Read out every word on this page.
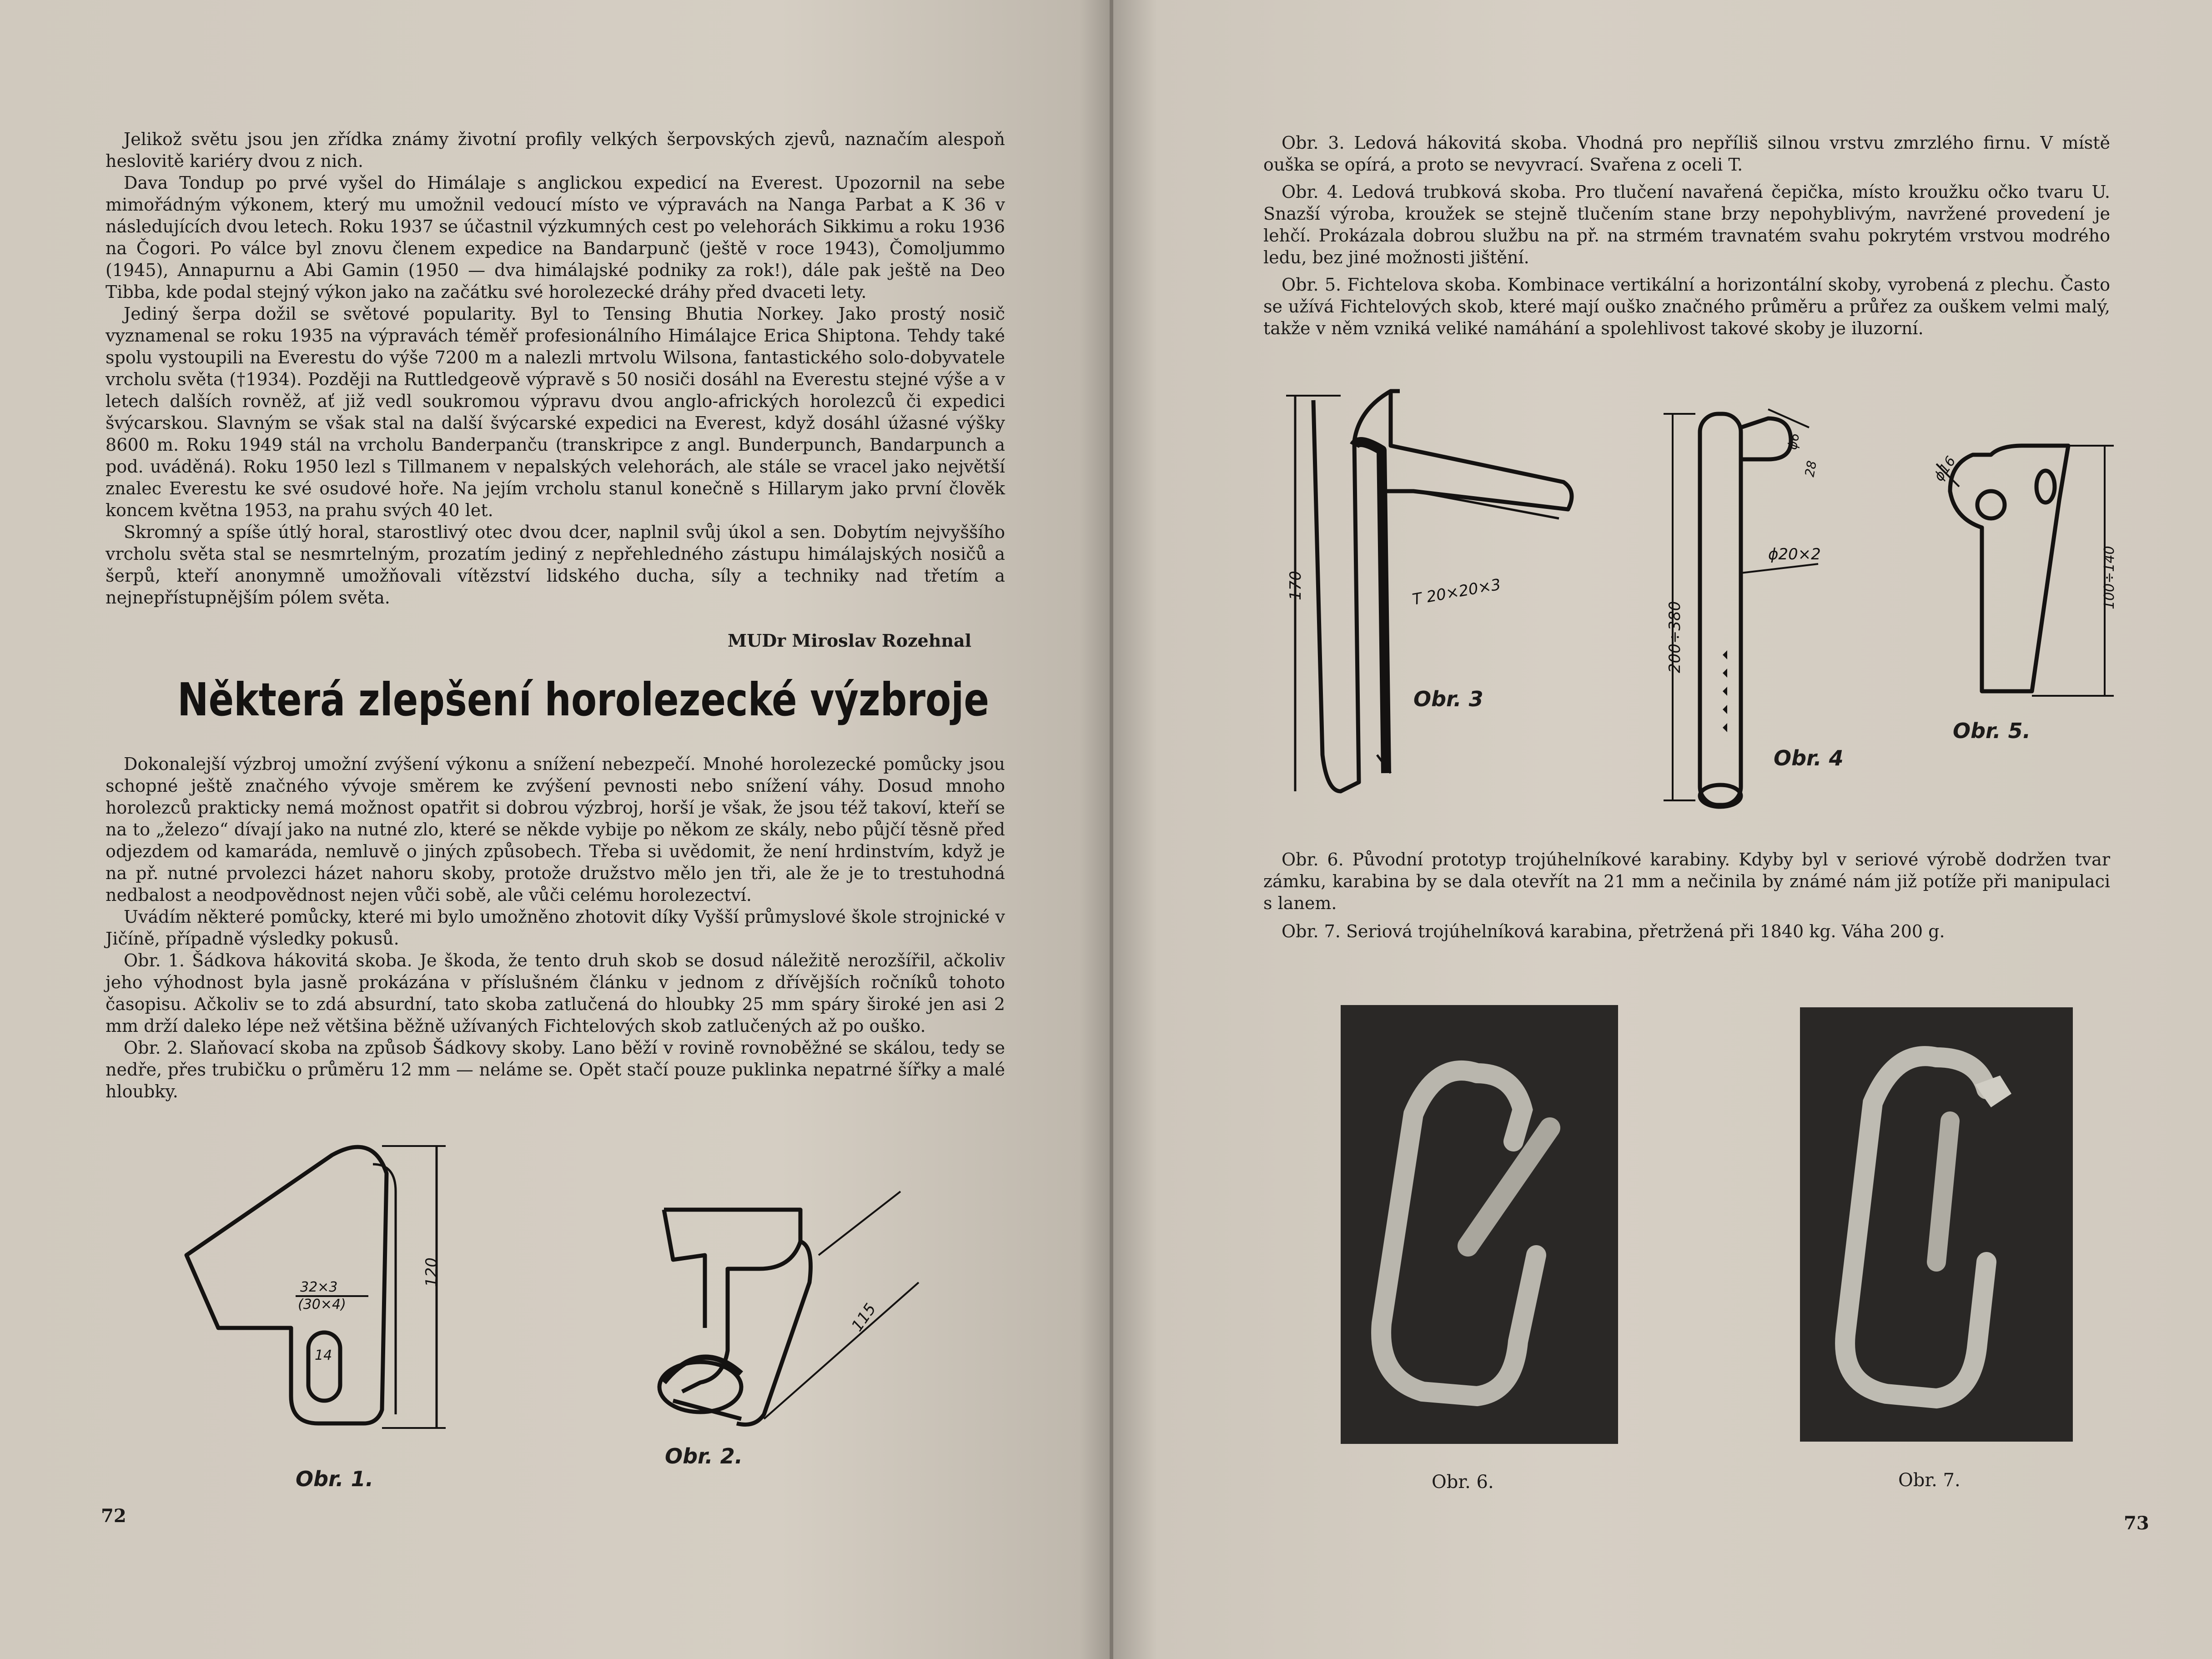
Jelikož světu jsou jen zřídka známy životní profily velkých šerpovských zjevů, naznačím alespoň heslovitě kariéry dvou z nich.

Dava Tondup po prvé vyšel do Himálaje s anglickou expedicí na Everest. Upozornil na sebe mimořádným výkonem, který mu umožnil vedoucí místo ve výpravách na Nanga Parbat a K 36 v následujících dvou letech. Roku 1937 se účastnil výzkumných cest po velehorách Sikkimu a roku 1936 na Čogori. Po válce byl znovu členem expedice na Bandarpunč (ještě v roce 1943), Čomoljummo (1945), Annapurnu a Abi Gamin (1950 — dva himálajské podniky za rok!), dále pak ještě na Deo Tibba, kde podal stejný výkon jako na začátku své horolezecké dráhy před dvaceti lety.

Jediný šerpa dožil se světové popularity. Byl to Tensing Bhutia Norkey. Jako prostý nosič vyznamenal se roku 1935 na výpravách téměř profesionálního Himálajce Erica Shiptona. Tehdy také spolu vystoupili na Everestu do výše 7200 m a nalezli mrtvolu Wilsona, fantastického solo-dobyvatele vrcholu světa (†1934). Později na Ruttledgeově výpravě s 50 nosiči dosáhl na Everestu stejné výše a v letech dalších rovněž, ať již vedl soukromou výpravu dvou anglo-afrických horolezců či expedici švýcarskou. Slavným se však stal na další švýcarské expedici na Everest, když dosáhl úžasné výšky 8600 m. Roku 1949 stál na vrcholu Banderpanču (transkripce z angl. Bunderpunch, Bandarpunch a pod. uváděná). Roku 1950 lezl s Tillmanem v nepalských velehorách, ale stále se vracel jako největší znalec Everestu ke své osudové hoře. Na jejím vrcholu stanul konečně s Hillarym jako první člověk koncem května 1953, na prahu svých 40 let.

Skromný a spíše útlý horal, starostlivý otec dvou dcer, naplnil svůj úkol a sen. Dobytím nejvyššího vrcholu světa stal se nesmrtelným, prozatím jediný z nepřehledného zástupu himálajských nosičů a šerpů, kteří anonymně umožňovali vítězství lidského ducha, síly a techniky nad třetím a nejnepřístupnějším pólem světa.

MUDr Miroslav Rozehnal
Některá zlepšení horolezecké výzbroje

Dokonalejší výzbroj umožní zvýšení výkonu a snížení nebezpečí. Mnohé horolezecké pomůcky jsou schopné ještě značného vývoje směrem ke zvýšení pevnosti nebo snížení váhy. Dosud mnoho horolezců prakticky nemá možnost opatřit si dobrou výzbroj, horší je však, že jsou též takoví, kteří se na to „železo“ dívají jako na nutné zlo, které se někde vybije po někom ze skály, nebo půjčí těsně před odjezdem od kamaráda, nemluvě o jiných způsobech. Třeba si uvědomit, že není hrdinstvím, když je na př. nutné prvolezci házet nahoru skoby, protože družstvo mělo jen tři, ale že je to trestuhodná nedbalost a neodpovědnost nejen vůči sobě, ale vůči celému horolezectví.

Uvádím některé pomůcky, které mi bylo umožněno zhotovit díky Vyšší průmyslové škole strojnické v Jičíně, případně výsledky pokusů.

Obr. 1. Šádkova hákovitá skoba. Je škoda, že tento druh skob se dosud náležitě nerozšířil, ačkoliv jeho výhodnost byla jasně prokázána v příslušném článku v jednom z dřívějších ročníků tohoto časopisu. Ačkoliv se to zdá absurdní, tato skoba zatlučená do hloubky 25 mm spáry široké jen asi 2 mm drží daleko lépe než většina běžně užívaných Fichtelových skob zatlučených až po ouško.

Obr. 2. Slaňovací skoba na způsob Šádkovy skoby. Lano běží v rovině rovnoběžné se skálou, tedy se nedře, přes trubičku o průměru 12 mm — neláme se. Opět stačí pouze puklinka nepatrné šířky a malé hloubky.

120
32×3
(30×4)
14
Obr. 1.
115
Obr. 2.
72

Obr. 3. Ledová hákovitá skoba. Vhodná pro nepříliš silnou vrstvu zmrzlého firnu. V místě ouška se opírá, a proto se nevyvrací. Svařena z oceli T.

Obr. 4. Ledová trubková skoba. Pro tlučení navařená čepička, místo kroužku očko tvaru U. Snazší výroba, kroužek se stejně tlučením stane brzy nepohyblivým, navržené provedení je lehčí. Prokázala dobrou službu na př. na strmém travnatém svahu pokrytém vrstvou modrého ledu, bez jiné možnosti jištění.

Obr. 5. Fichtelova skoba. Kombinace vertikální a horizontální skoby, vyrobená z plechu. Často se užívá Fichtelových skob, které mají ouško značného průměru a průřez za ouškem velmi malý, takže v něm vzniká veliké namáhání a spolehlivost takové skoby je iluzorní.

170	T 20×20×3
Obr. 3
200÷380
ϕ20×2
ϕ6
28
Obr. 4
ϕ16
100÷140
Obr. 5.

Obr. 6. Původní prototyp trojúhelníkové karabiny. Kdyby byl v seriové výrobě dodržen tvar zámku, karabina by se dala otevřít na 21 mm a nečinila by známé nám již potíže při manipulaci s lanem.

Obr. 7. Seriová trojúhelníková karabina, přetržená při 1840 kg. Váha 200 g.

Obr. 6.	Obr. 7.
73
